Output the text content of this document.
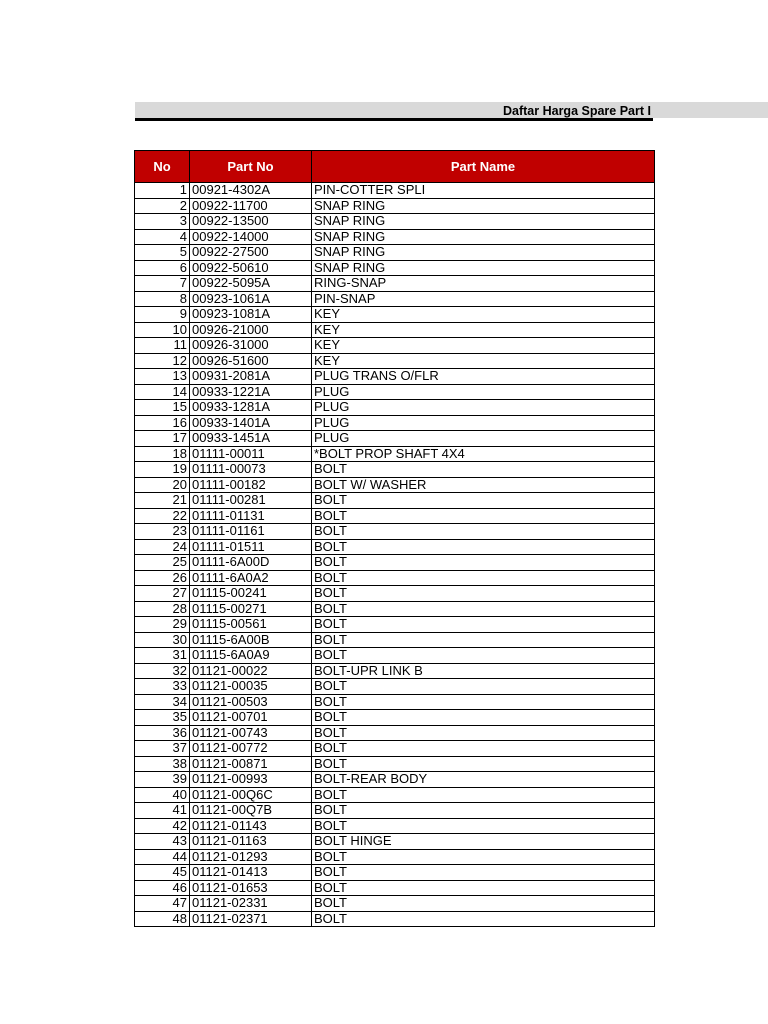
Daftar Harga Spare Part I
No	Part No	Part Name
1	00921-4302A	PIN-COTTER SPLI
2	00922-11700	SNAP RING
3	00922-13500	SNAP RING
4	00922-14000	SNAP RING
5	00922-27500	SNAP RING
6	00922-50610	SNAP RING
7	00922-5095A	RING-SNAP
8	00923-1061A	PIN-SNAP
9	00923-1081A	KEY
10	00926-21000	KEY
11	00926-31000	KEY
12	00926-51600	KEY
13	00931-2081A	PLUG TRANS O/FLR
14	00933-1221A	PLUG
15	00933-1281A	PLUG
16	00933-1401A	PLUG
17	00933-1451A	PLUG
18	01111-00011	*BOLT PROP SHAFT 4X4
19	01111-00073	BOLT
20	01111-00182	BOLT W/ WASHER
21	01111-00281	BOLT
22	01111-01131	BOLT
23	01111-01161	BOLT
24	01111-01511	BOLT
25	01111-6A00D	BOLT
26	01111-6A0A2	BOLT
27	01115-00241	BOLT
28	01115-00271	BOLT
29	01115-00561	BOLT
30	01115-6A00B	BOLT
31	01115-6A0A9	BOLT
32	01121-00022	BOLT-UPR LINK B
33	01121-00035	BOLT
34	01121-00503	BOLT
35	01121-00701	BOLT
36	01121-00743	BOLT
37	01121-00772	BOLT
38	01121-00871	BOLT
39	01121-00993	BOLT-REAR BODY
40	01121-00Q6C	BOLT
41	01121-00Q7B	BOLT
42	01121-01143	BOLT
43	01121-01163	BOLT HINGE
44	01121-01293	BOLT
45	01121-01413	BOLT
46	01121-01653	BOLT
47	01121-02331	BOLT
48	01121-02371	BOLT
